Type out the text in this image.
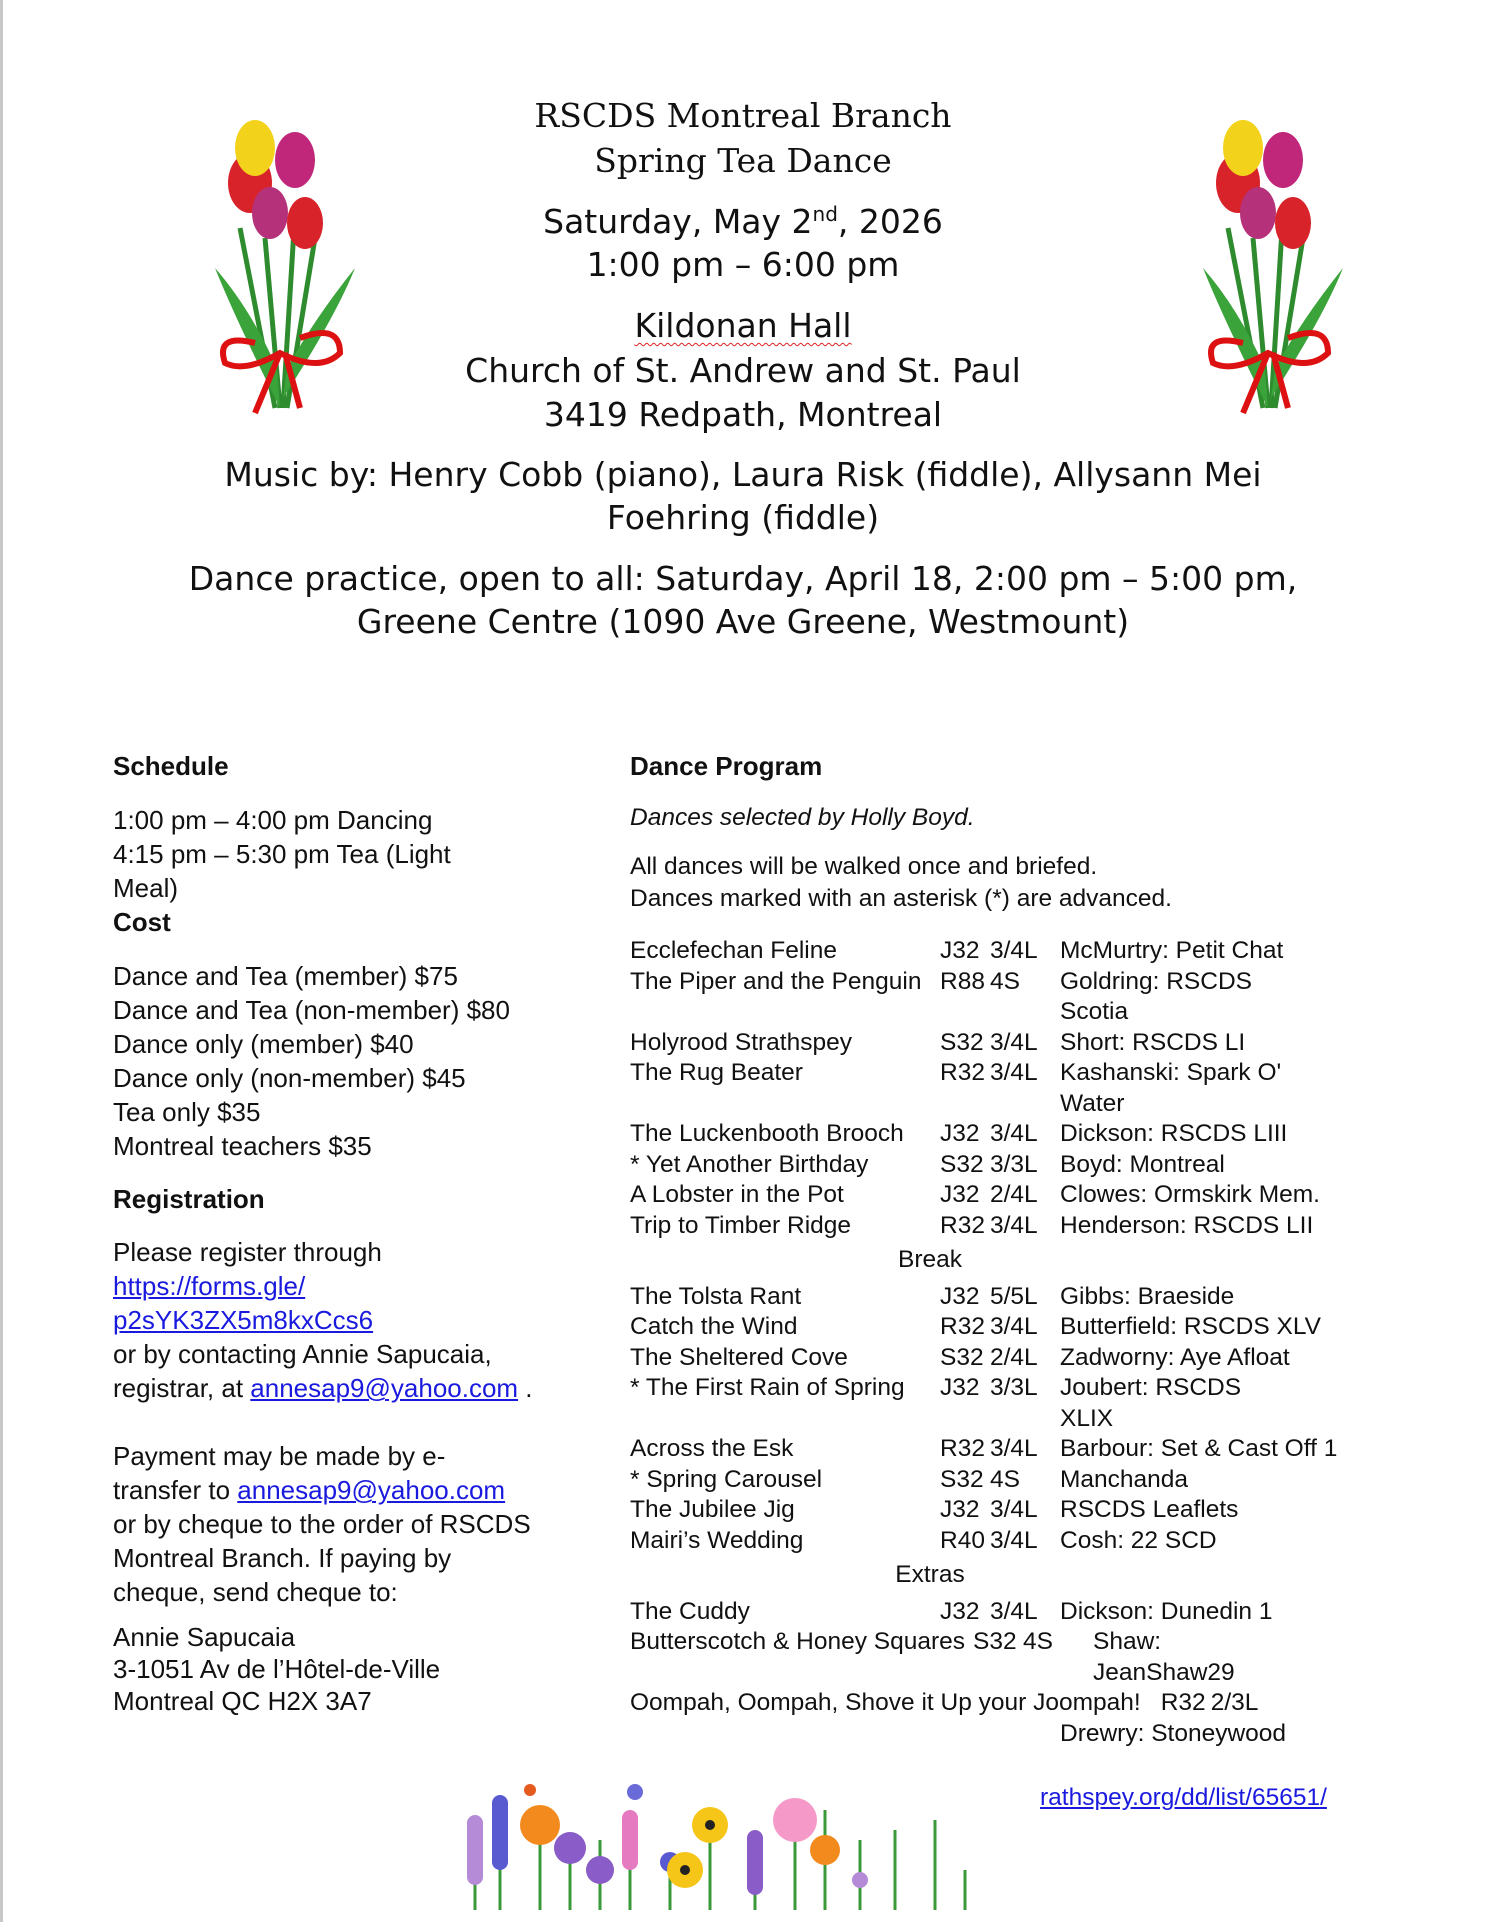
RSCDS Montreal Branch
Spring Tea Dance
Saturday, May 2nd, 2026
1:00 pm – 6:00 pm
Kildonan Hall
Church of St. Andrew and St. Paul
3419 Redpath, Montreal
Music by: Henry Cobb (piano), Laura Risk (fiddle), Allysann Mei
Foehring (fiddle)
Dance practice, open to all: Saturday, April 18, 2:00 pm – 5:00 pm,
Greene Centre (1090 Ave Greene, Westmount)
Schedule
1:00 pm – 4:00 pm Dancing
4:15 pm – 5:30 pm Tea (Light
Meal)
Cost
Dance and Tea (member) $75
Dance and Tea (non-member) $80
Dance only (member) $40
Dance only (non-member) $45
Tea only $35
Montreal teachers $35
Registration
Please register through
https://forms.gle/
p2sYK3ZX5m8kxCcs6
or by contacting Annie Sapucaia,
registrar, at annesap9@yahoo.com .
Payment may be made by e-
transfer to annesap9@yahoo.com
or by cheque to the order of RSCDS
Montreal Branch. If paying by
cheque, send cheque to:
Annie Sapucaia
3-1051 Av de l’Hôtel-de-Ville
Montreal QC H2X 3A7
Dance Program
Dances selected by Holly Boyd.
All dances will be walked once and briefed.
Dances marked with an asterisk (*) are advanced.
Ecclefechan Feline	J32 3/4L McMurtry: Petit Chat
The Piper and the Penguin R88 4S	Goldring: RSCDS
Scotia
Holyrood Strathspey	S32 3/4L Short: RSCDS LI
The Rug Beater	R32 3/4L Kashanski: Spark O'
Water
The Luckenbooth Brooch	J32 3/4L Dickson: RSCDS LIII
* Yet Another Birthday	S32 3/3L Boyd: Montreal
A Lobster in the Pot	J32 2/4L Clowes: Ormskirk Mem.
Trip to Timber Ridge	R32 3/4L Henderson: RSCDS LII
Break
The Tolsta Rant	J32 5/5L Gibbs: Braeside
Catch the Wind	R32 3/4L Butterfield: RSCDS XLV
The Sheltered Cove	S32 2/4L Zadworny: Aye Afloat
* The First Rain of Spring	J32 3/3L Joubert: RSCDS
XLIX
Across the Esk	R32 3/4L Barbour: Set & Cast Off 1
* Spring Carousel	S32 4S	Manchanda
The Jubilee Jig	J32 3/4L RSCDS Leaflets
Mairi’s Wedding	R40 3/4L Cosh: 22 SCD
Extras
The Cuddy	J32 3/4L Dickson: Dunedin 1
Butterscotch & Honey Squares S32 4S	Shaw:
JeanShaw29
Oompah, Oompah, Shove it Up your Joompah! R32 2/3L
Drewry: Stoneywood
rathspey.org/dd/list/65651/
